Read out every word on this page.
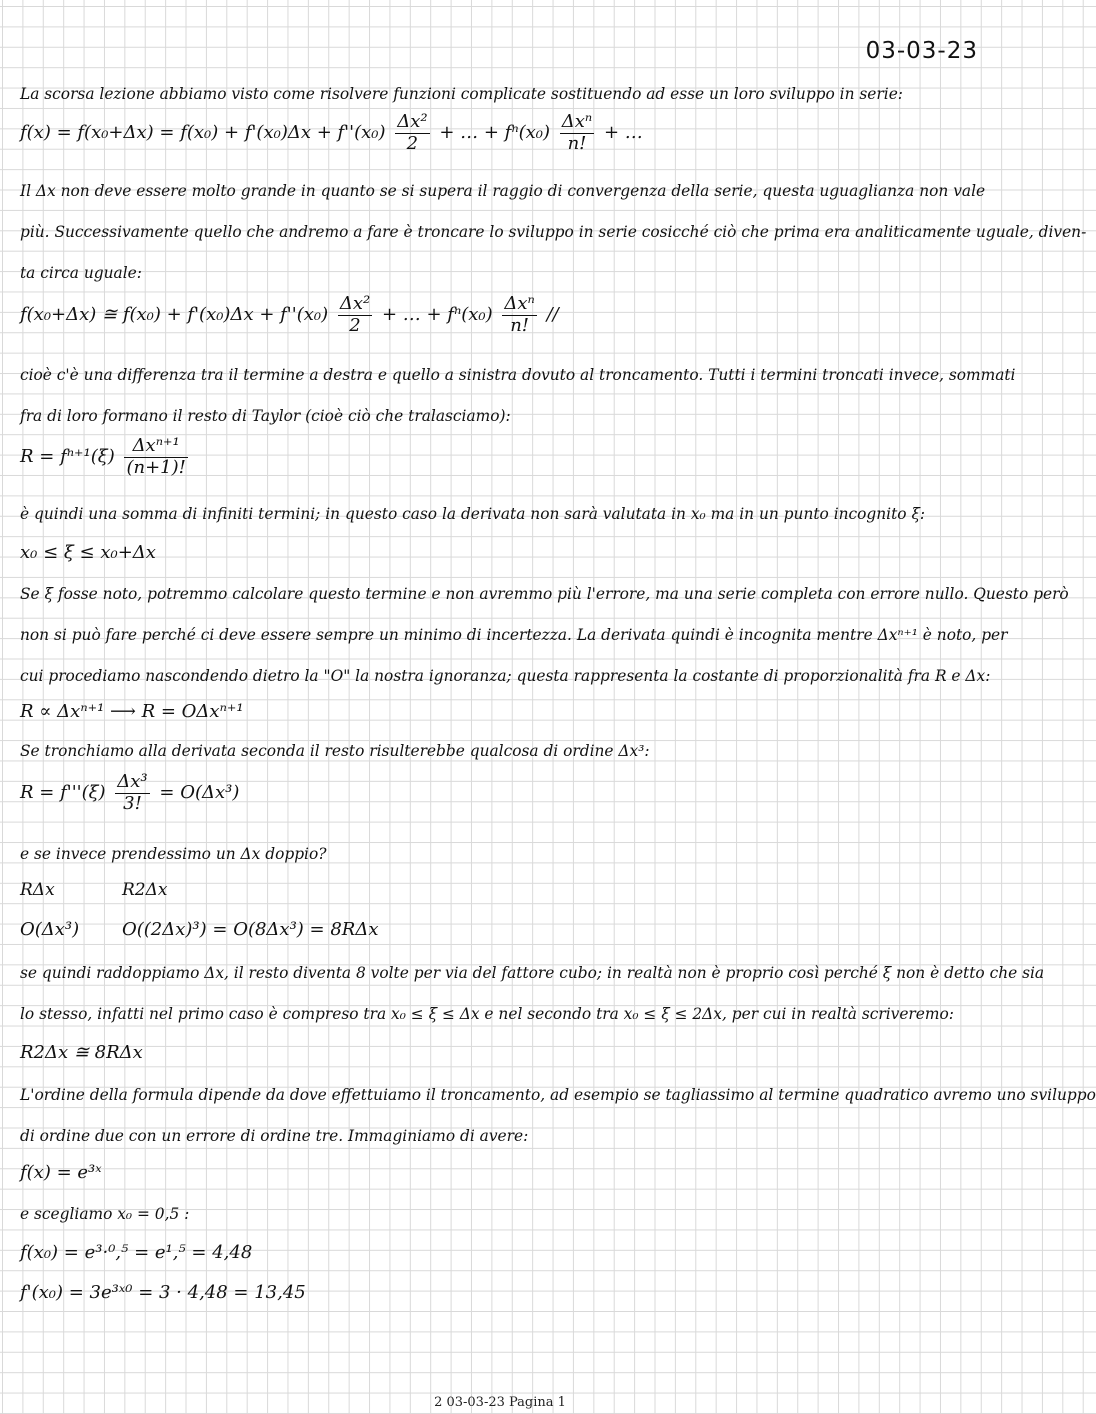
03-03-23
La scorsa lezione abbiamo visto come risolvere funzioni complicate sostituendo ad esse un loro sviluppo in serie:
$f(x) = f(x_0+\Delta x) = f(x_0) + f'(x_0)\Delta x + f''(x_0) \frac{\text{Δx²}}{2}$ + … + $f^n(x_0) \frac{\text{Δxⁿ}}{n!}$ + …
Il Δx non deve essere molto grande in quanto se si supera il raggio di convergenza della serie, questa uguaglianza non vale
più. Successivamente quello che andremo a fare è troncare lo sviluppo in serie cosicché ciò che prima era analiticamente uguale, diven-
ta circa uguale:
f(x₀+Δx) ≅ $f(x_0) + f'(x_0)\Delta x + f''(x_0) \frac{\text{Δx²}}{2}$ + … + $f^n(x_0) \frac{\text{Δxⁿ}}{n!}$ //
cioè c'è una differenza tra il termine a destra e quello a sinistra dovuto al troncamento. Tutti i termini troncati invece, sommati
fra di loro formano il resto di Taylor (cioè ciò che tralasciamo):
$R = f^{n+1}(\xi) \frac{\text{Δxⁿ⁺¹}}{(n+1)!}$
è quindi una somma di infiniti termini; in questo caso la derivata non sarà valutata in x₀ ma in un punto incognito ξ:
x₀ ≤ ξ ≤ x₀+Δx
Se ξ fosse noto, potremmo calcolare questo termine e non avremmo più l'errore, ma una serie completa con errore nullo. Questo però
non si può fare perché ci deve essere sempre un minimo di incertezza. La derivata quindi è incognita mentre Δxⁿ⁺¹ è noto, per
cui procediamo nascondendo dietro la "O" la nostra ignoranza; questa rappresenta la costante di proporzionalità fra R e Δx:
R ∝ Δxⁿ⁺¹ ⟶ R = OΔxⁿ⁺¹
Se tronchiamo alla derivata seconda il resto risulterebbe qualcosa di ordine Δx³:
$R = f'''(\xi) \frac{\text{Δx³}}{3!} = O(\Delta x^3)$
e se invece prendessimo un Δx doppio?
RΔx	R2Δx
O(Δx³) O((2Δx)³) = O(8Δx³) = 8RΔx
se quindi raddoppiamo Δx, il resto diventa 8 volte per via del fattore cubo; in realtà non è proprio così perché ξ non è detto che sia
lo stesso, infatti nel primo caso è compreso tra x₀ ≤ ξ ≤ Δx e nel secondo tra x₀ ≤ ξ ≤ 2Δx, per cui in realtà scriveremo:
R2Δx ≅ 8RΔx
L'ordine della formula dipende da dove effettuiamo il troncamento, ad esempio se tagliassimo al termine quadratico avremo uno sviluppo
di ordine due con un errore di ordine tre. Immaginiamo di avere:
f(x) = e³ˣ
e scegliamo x₀ = 0,5 :
f(x₀) = e³·⁰,⁵ = e¹,⁵ = 4,48
f'(x₀) = 3e³ˣ⁰ = 3 · 4,48 = 13,45
2 03-03-23 Pagina 1
